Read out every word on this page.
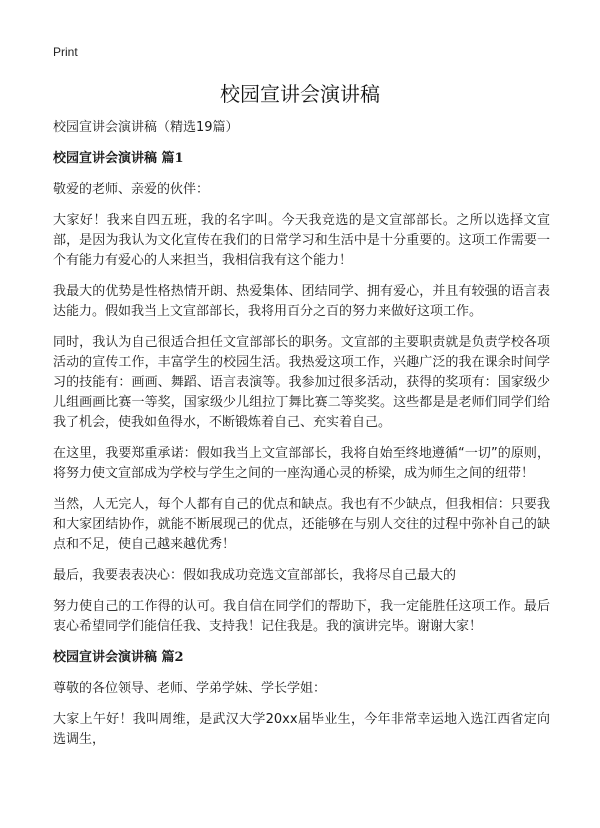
Print
校园宣讲会演讲稿

校园宣讲会演讲稿（精选19篇）

校园宣讲会演讲稿 篇1

敬爱的老师、亲爱的伙伴：

大家好！我来自四五班，我的名字叫。今天我竞选的是文宣部部长。之所以选择文宣部，是因为我认为文化宣传在我们的日常学习和生活中是十分重要的。这项工作需要一个有能力有爱心的人来担当，我相信我有这个能力！

我最大的优势是性格热情开朗、热爱集体、团结同学、拥有爱心，并且有较强的语言表达能力。假如我当上文宣部部长，我将用百分之百的努力来做好这项工作。

同时，我认为自己很适合担任文宣部部长的职务。文宣部的主要职责就是负责学校各项活动的宣传工作，丰富学生的校园生活。我热爱这项工作，兴趣广泛的我在课余时间学习的技能有：画画、舞蹈、语言表演等。我参加过很多活动，获得的奖项有：国家级少儿组画画比赛一等奖，国家级少儿组拉丁舞比赛二等奖奖。这些都是是老师们同学们给我了机会，使我如鱼得水，不断锻炼着自己、充实着自己。

在这里，我要郑重承诺：假如我当上文宣部部长，我将自始至终地遵循“一切”的原则，将努力使文宣部成为学校与学生之间的一座沟通心灵的桥梁，成为师生之间的纽带！

当然，人无完人，每个人都有自己的优点和缺点。我也有不少缺点，但我相信：只要我和大家团结协作，就能不断展现己的优点，还能够在与别人交往的过程中弥补自己的缺点和不足，使自己越来越优秀！

最后，我要表表决心：假如我成功竞选文宣部部长，我将尽自己最大的

努力使自己的工作得的认可。我自信在同学们的帮助下，我一定能胜任这项工作。最后衷心希望同学们能信任我、支持我！记住我是。我的演讲完毕。谢谢大家！

校园宣讲会演讲稿 篇2

尊敬的各位领导、老师、学弟学妹、学长学姐：

大家上午好！我叫周维，是武汉大学20xx届毕业生，今年非常幸运地入选江西省定向选调生，
